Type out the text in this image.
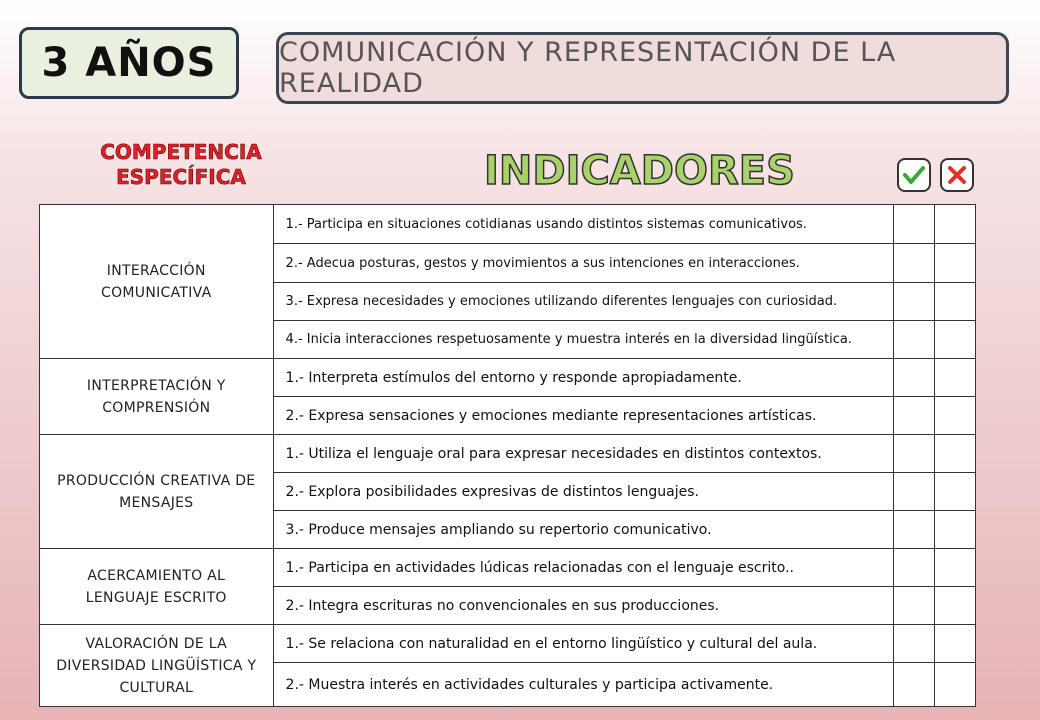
3 AÑOS COMUNICACIÓN Y REPRESENTACIÓN DE LA REALIDAD
COMPETENCIA ESPECÍFICA	INDICADORES
INTERACCIÓN COMUNICATIVA	1.- Participa en situaciones cotidianas usando distintos sistemas comunicativos.		
	2.- Adecua posturas, gestos y movimientos a sus intenciones en interacciones.		
	3.- Expresa necesidades y emociones utilizando diferentes lenguajes con curiosidad.		
	4.- Inicia interacciones respetuosamente y muestra interés en la diversidad lingüística.		
INTERPRETACIÓN Y COMPRENSIÓN	1.- Interpreta estímulos del entorno y responde apropiadamente.		
	2.- Expresa sensaciones y emociones mediante representaciones artísticas.		
PRODUCCIÓN CREATIVA DE MENSAJES	1.- Utiliza el lenguaje oral para expresar necesidades en distintos contextos.		
	2.- Explora posibilidades expresivas de distintos lenguajes.		
	3.- Produce mensajes ampliando su repertorio comunicativo.		
ACERCAMIENTO AL LENGUAJE ESCRITO	1.- Participa en actividades lúdicas relacionadas con el lenguaje escrito..		
	2.- Integra escrituras no convencionales en sus producciones.		
VALORACIÓN DE LA DIVERSIDAD LINGÜÍSTICA Y CULTURAL	1.- Se relaciona con naturalidad en el entorno lingüístico y cultural del aula.		
	2.- Muestra interés en actividades culturales y participa activamente.		
